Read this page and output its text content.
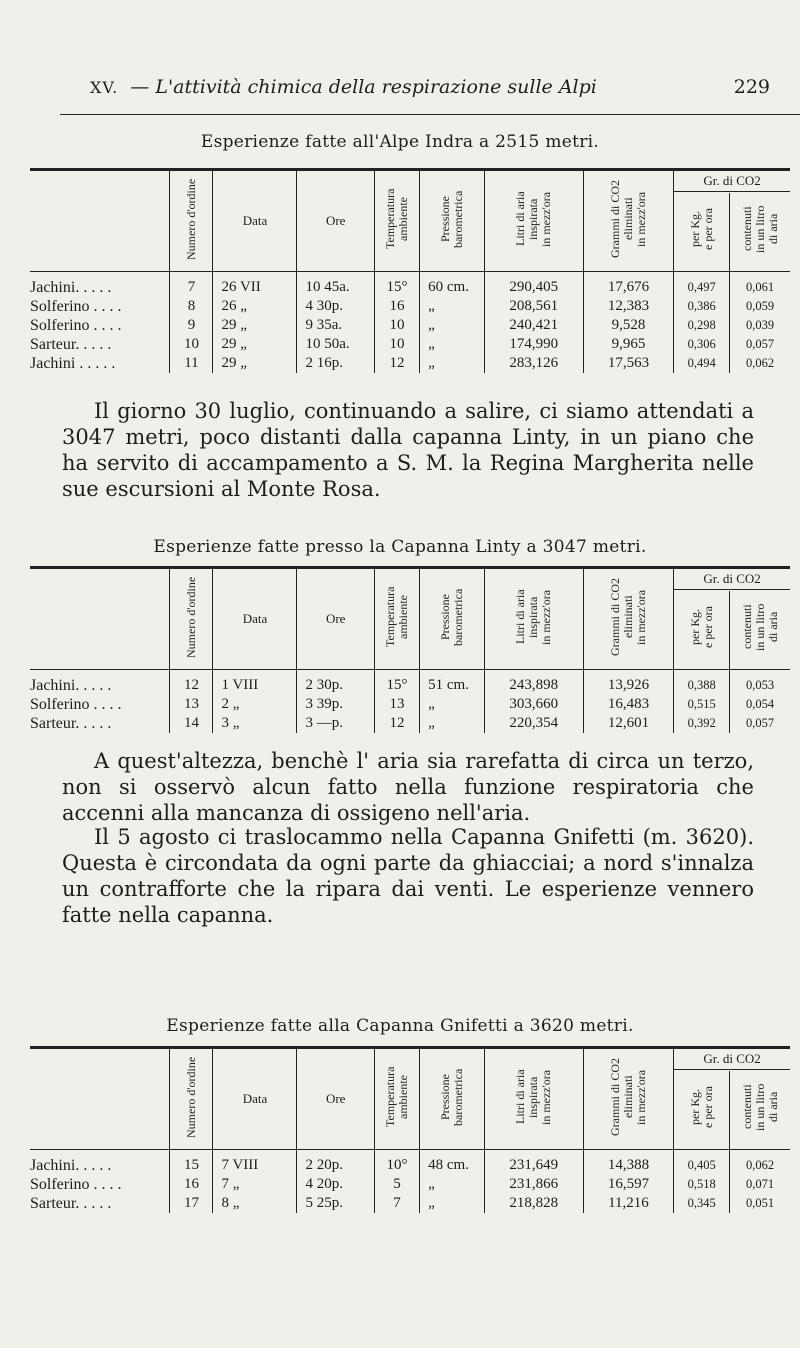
XV. — L'attività chimica della respirazione sulle Alpi	229
Esperienze fatte all'Alpe Indra a 2515 metri.

	Numero d'ordine	Data	Ore	Temperatura
ambiente	Pressione
barometrica	Litri di aria
inspirata
in mezz'ora	Grammi di CO2
eliminati
in mezz'ora	Gr. di CO2	

								per Kg.
e per ora	contenuti
in un litro
di aria

Jachini. . . . .	7	26 VII	10 45a.	15°	60 cm.	290,405	17,676	0,497	0,061
Solferino . . . .	8	26 „	4 30p.	16	„	208,561	12,383	0,386	0,059
Solferino . . . .	9	29 „	9 35a.	10	„	240,421	9,528	0,298	0,039
Sarteur. . . . .	10	29 „	10 50a.	10	„	174,990	9,965	0,306	0,057
Jachini . . . . .	11	29 „	2 16p.	12	„	283,126	17,563	0,494	0,062

Il giorno 30 luglio, continuando a salire, ci siamo attendati a 3047 metri, poco distanti dalla capanna Linty, in un piano che ha servito di accampamento a S. M. la Regina Margherita nelle sue escursioni al Monte Rosa.

Esperienze fatte presso la Capanna Linty a 3047 metri.

	Numero d'ordine	Data	Ore	Temperatura
ambiente	Pressione
barometrica	Litri di aria
inspirata
in mezz'ora	Grammi di CO2
eliminati
in mezz'ora	Gr. di CO2	

								per Kg.
e per ora	contenuti
in un litro
di aria

Jachini. . . . .	12	1 VIII	2 30p.	15°	51 cm.	243,898	13,926	0,388	0,053
Solferino . . . .	13	2 „	3 39p.	13	„	303,660	16,483	0,515	0,054
Sarteur. . . . .	14	3 „	3 —p.	12	„	220,354	12,601	0,392	0,057

A quest'altezza, benchè l' aria sia rarefatta di circa un terzo, non si osservò alcun fatto nella funzione respiratoria che accenni alla mancanza di ossigeno nell'aria.

Il 5 agosto ci traslocammo nella Capanna Gnifetti (m. 3620). Questa è circondata da ogni parte da ghiacciai; a nord s'innalza un contrafforte che la ripara dai venti. Le esperienze vennero fatte nella capanna.

Esperienze fatte alla Capanna Gnifetti a 3620 metri.

	Numero d'ordine	Data	Ore	Temperatura
ambiente	Pressione
barometrica	Litri di aria
inspirata
in mezz'ora	Grammi di CO2
eliminati
in mezz'ora	Gr. di CO2	

								per Kg.
e per ora	contenuti
in un litro
di aria

Jachini. . . . .	15	7 VIII	2 20p.	10°	48 cm.	231,649	14,388	0,405	0,062
Solferino . . . .	16	7 „	4 20p.	5	„	231,866	16,597	0,518	0,071
Sarteur. . . . .	17	8 „	5 25p.	7	„	218,828	11,216	0,345	0,051
